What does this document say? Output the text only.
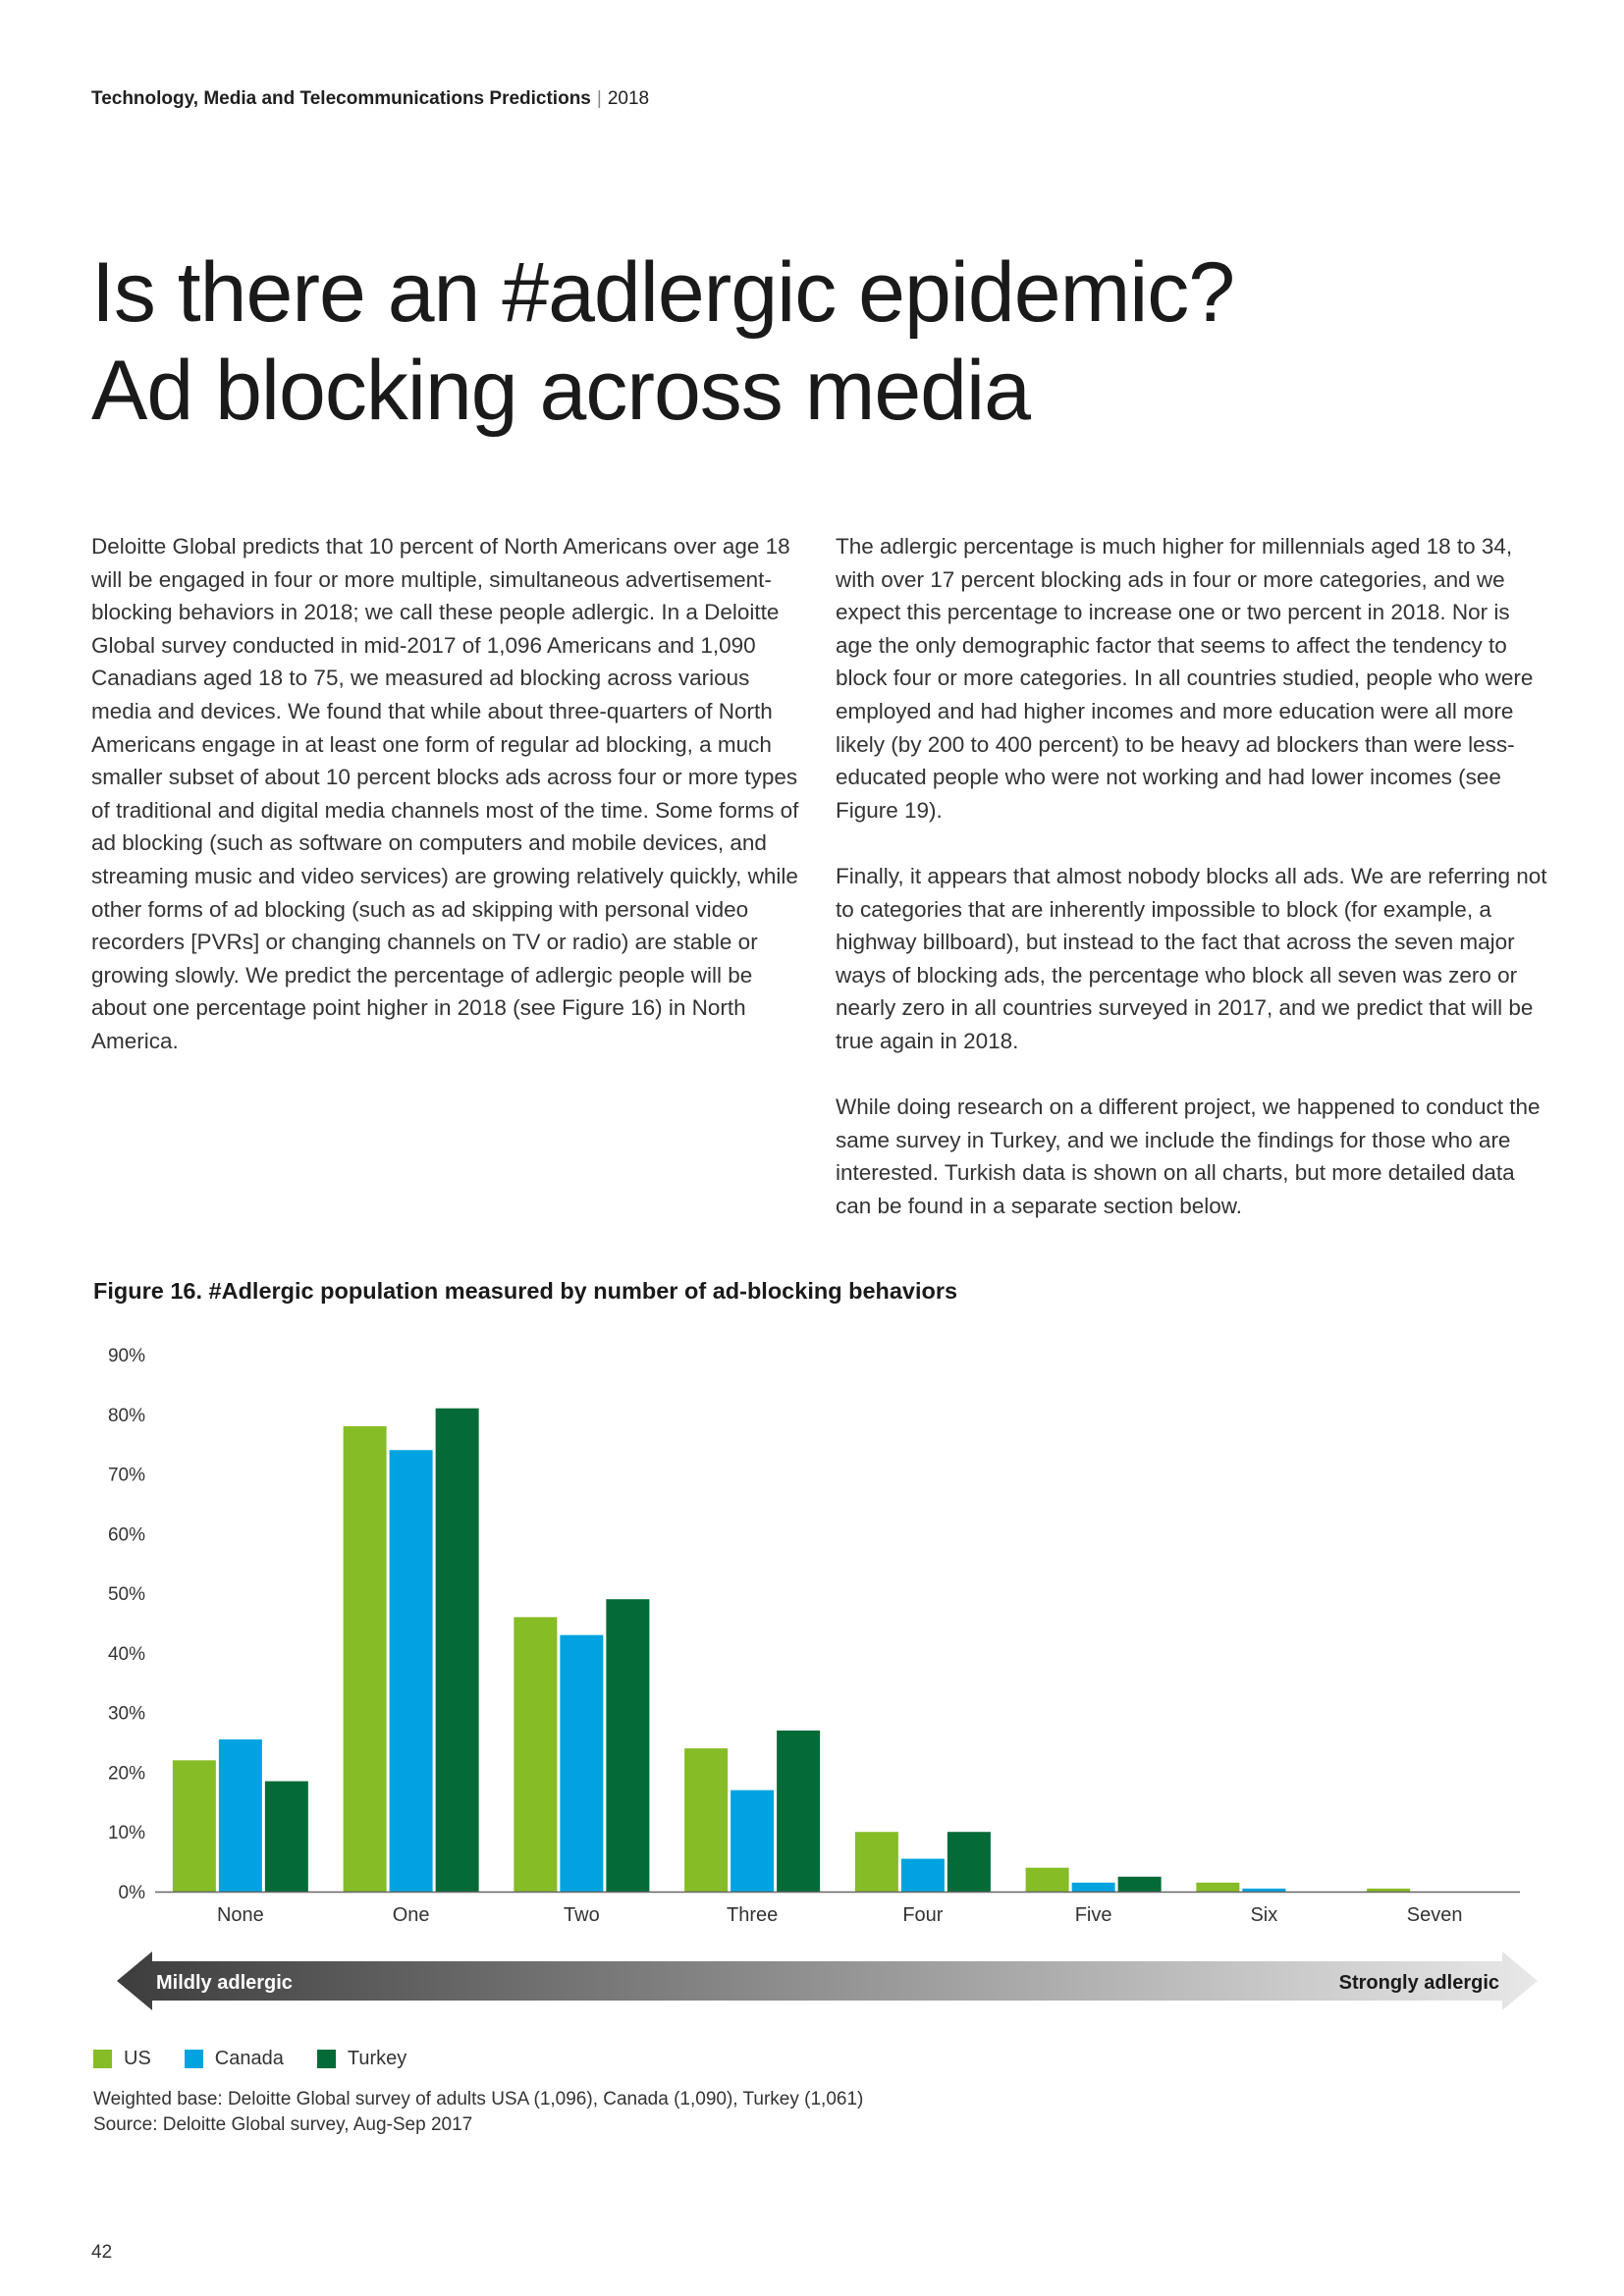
Technology, Media and Telecommunications Predictions | 2018
Is there an #adlergic epidemic?
Ad blocking across media

Deloitte Global predicts that 10 percent of North Americans over age 18 will be engaged in four or more multiple, simultaneous advertisement-blocking behaviors in 2018; we call these people adlergic. In a Deloitte Global survey conducted in mid-2017 of 1,096 Americans and 1,090 Canadians aged 18 to 75, we measured ad blocking across various media and devices. We found that while about three-quarters of North Americans engage in at least one form of regular ad blocking, a much smaller subset of about 10 percent blocks ads across four or more types of traditional and digital media channels most of the time. Some forms of ad blocking (such as software on computers and mobile devices, and streaming music and video services) are growing relatively quickly, while other forms of ad blocking (such as ad skipping with personal video recorders [PVRs] or changing channels on TV or radio) are stable or growing slowly. We predict the percentage of adlergic people will be about one percentage point higher in 2018 (see Figure 16) in North America.

The adlergic percentage is much higher for millennials aged 18 to 34, with over 17 percent blocking ads in four or more categories, and we expect this percentage to increase one or two percent in 2018. Nor is age the only demographic factor that seems to affect the tendency to block four or more categories. In all countries studied, people who were employed and had higher incomes and more education were all more likely (by 200 to 400 percent) to be heavy ad blockers than were less-educated people who were not working and had lower incomes (see Figure 19).

Finally, it appears that almost nobody blocks all ads. We are referring not to categories that are inherently impossible to block (for example, a highway billboard), but instead to the fact that across the seven major ways of blocking ads, the percentage who block all seven was zero or nearly zero in all countries surveyed in 2017, and we predict that will be true again in 2018.

While doing research on a different project, we happened to conduct the same survey in Turkey, and we include the findings for those who are interested. Turkish data is shown on all charts, but more detailed data can be found in a separate section below.

Figure 16. #Adlergic population measured by number of ad-blocking behaviors
0%
10%
20%
30%
40%
50%
60%
70%
80%
90%
None	One	Two	Three	Four	Five	Six	Seven
Mildly adlergic	Strongly adlergic
US	Canada	Turkey
Weighted base: Deloitte Global survey of adults USA (1,096), Canada (1,090), Turkey (1,061)
Source: Deloitte Global survey, Aug-Sep 2017
42
